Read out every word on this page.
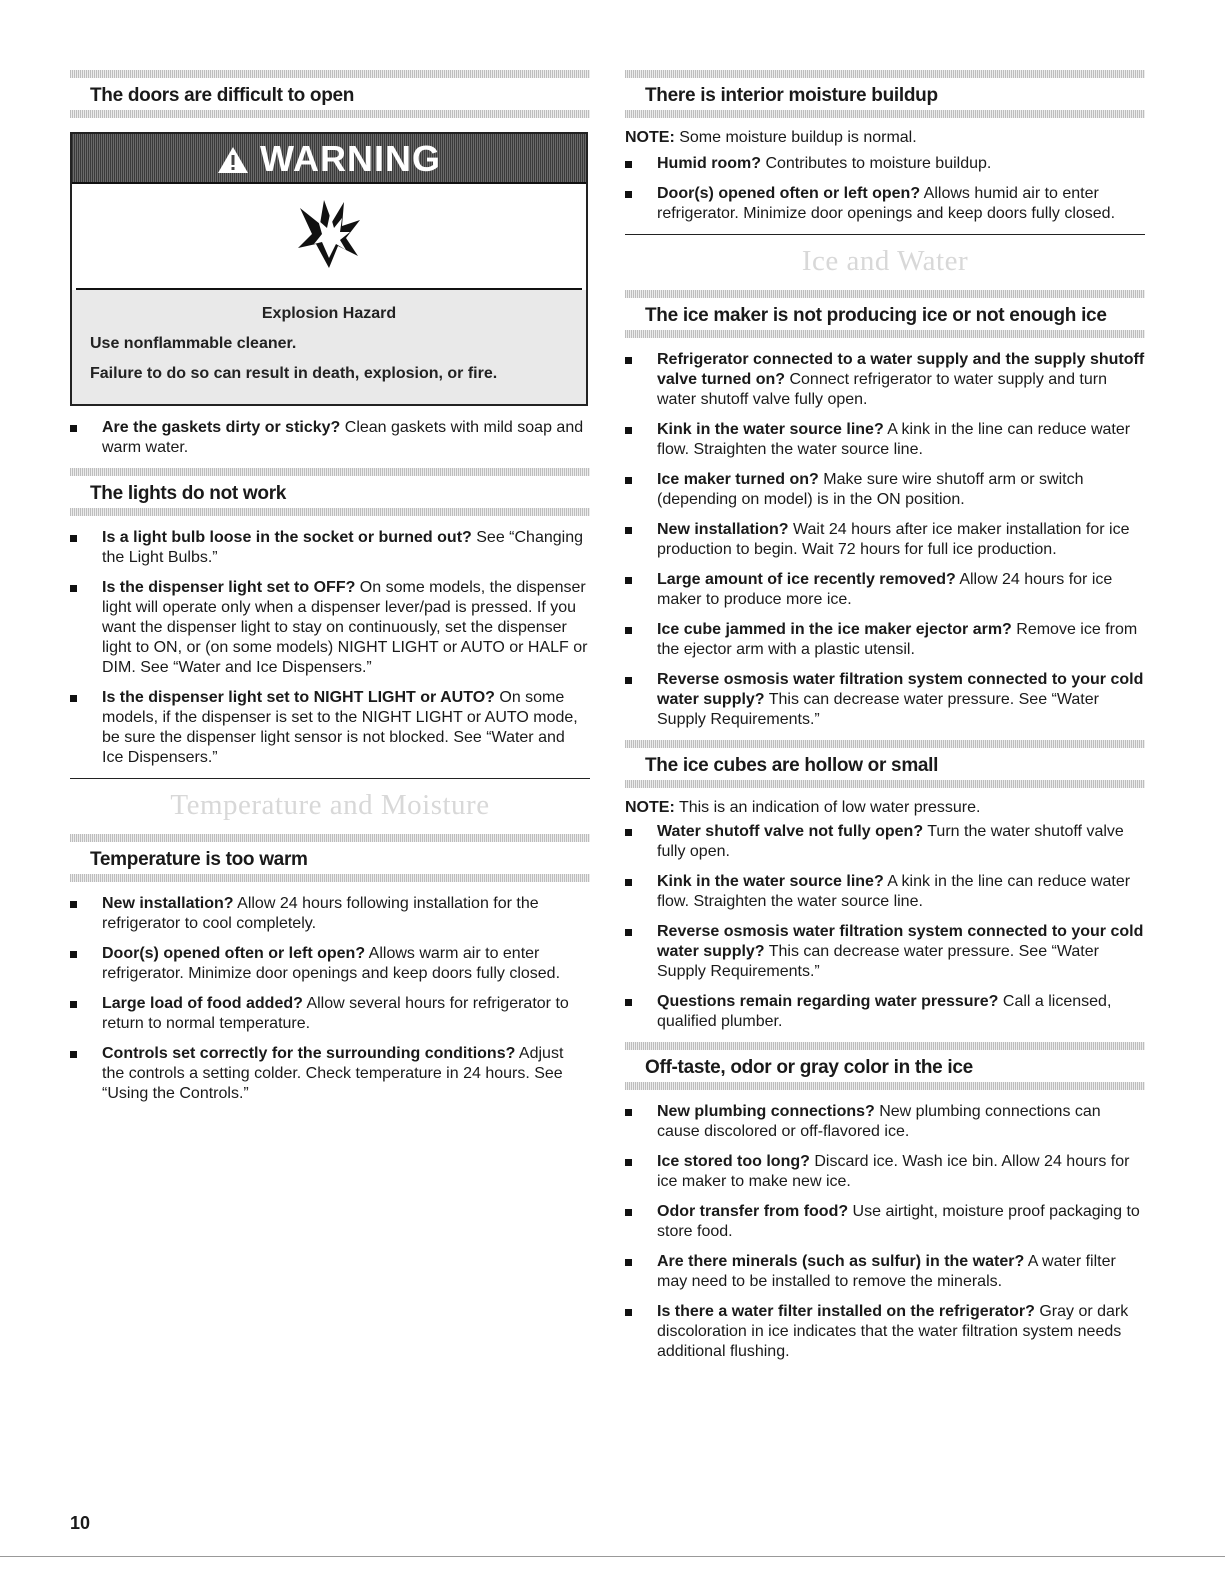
The doors are difficult to open
WARNING

Explosion Hazard

Use nonflammable cleaner.

Failure to do so can result in death, explosion, or fire.

Are the gaskets dirty or sticky? Clean gaskets with mild soap and warm water.
The lights do not work
Is a light bulb loose in the socket or burned out? See “Changing the Light Bulbs.”
Is the dispenser light set to OFF? On some models, the dispenser light will operate only when a dispenser lever/pad is pressed. If you want the dispenser light to stay on continuously, set the dispenser light to ON, or (on some models) NIGHT LIGHT or AUTO or HALF or DIM. See “Water and Ice Dispensers.”
Is the dispenser light set to NIGHT LIGHT or AUTO? On some models, if the dispenser is set to the NIGHT LIGHT or AUTO mode, be sure the dispenser light sensor is not blocked. See “Water and Ice Dispensers.”
Temperature and Moisture
Temperature is too warm
New installation? Allow 24 hours following installation for the refrigerator to cool completely.
Door(s) opened often or left open? Allows warm air to enter refrigerator. Minimize door openings and keep doors fully closed.
Large load of food added? Allow several hours for refrigerator to return to normal temperature.
Controls set correctly for the surrounding conditions? Adjust the controls a setting colder. Check temperature in 24 hours. See “Using the Controls.”
There is interior moisture buildup

NOTE: Some moisture buildup is normal.

Humid room? Contributes to moisture buildup.
Door(s) opened often or left open? Allows humid air to enter refrigerator. Minimize door openings and keep doors fully closed.
Ice and Water
The ice maker is not producing ice or not enough ice
Refrigerator connected to a water supply and the supply shutoff valve turned on? Connect refrigerator to water supply and turn water shutoff valve fully open.
Kink in the water source line? A kink in the line can reduce water flow. Straighten the water source line.
Ice maker turned on? Make sure wire shutoff arm or switch (depending on model) is in the ON position.
New installation? Wait 24 hours after ice maker installation for ice production to begin. Wait 72 hours for full ice production.
Large amount of ice recently removed? Allow 24 hours for ice maker to produce more ice.
Ice cube jammed in the ice maker ejector arm? Remove ice from the ejector arm with a plastic utensil.
Reverse osmosis water filtration system connected to your cold water supply? This can decrease water pressure. See “Water Supply Requirements.”
The ice cubes are hollow or small

NOTE: This is an indication of low water pressure.

Water shutoff valve not fully open? Turn the water shutoff valve fully open.
Kink in the water source line? A kink in the line can reduce water flow. Straighten the water source line.
Reverse osmosis water filtration system connected to your cold water supply? This can decrease water pressure. See “Water Supply Requirements.”
Questions remain regarding water pressure? Call a licensed, qualified plumber.
Off-taste, odor or gray color in the ice
New plumbing connections? New plumbing connections can cause discolored or off-flavored ice.
Ice stored too long? Discard ice. Wash ice bin. Allow 24 hours for ice maker to make new ice.
Odor transfer from food? Use airtight, moisture proof packaging to store food.
Are there minerals (such as sulfur) in the water? A water filter may need to be installed to remove the minerals.
Is there a water filter installed on the refrigerator? Gray or dark discoloration in ice indicates that the water filtration system needs additional flushing.
10
